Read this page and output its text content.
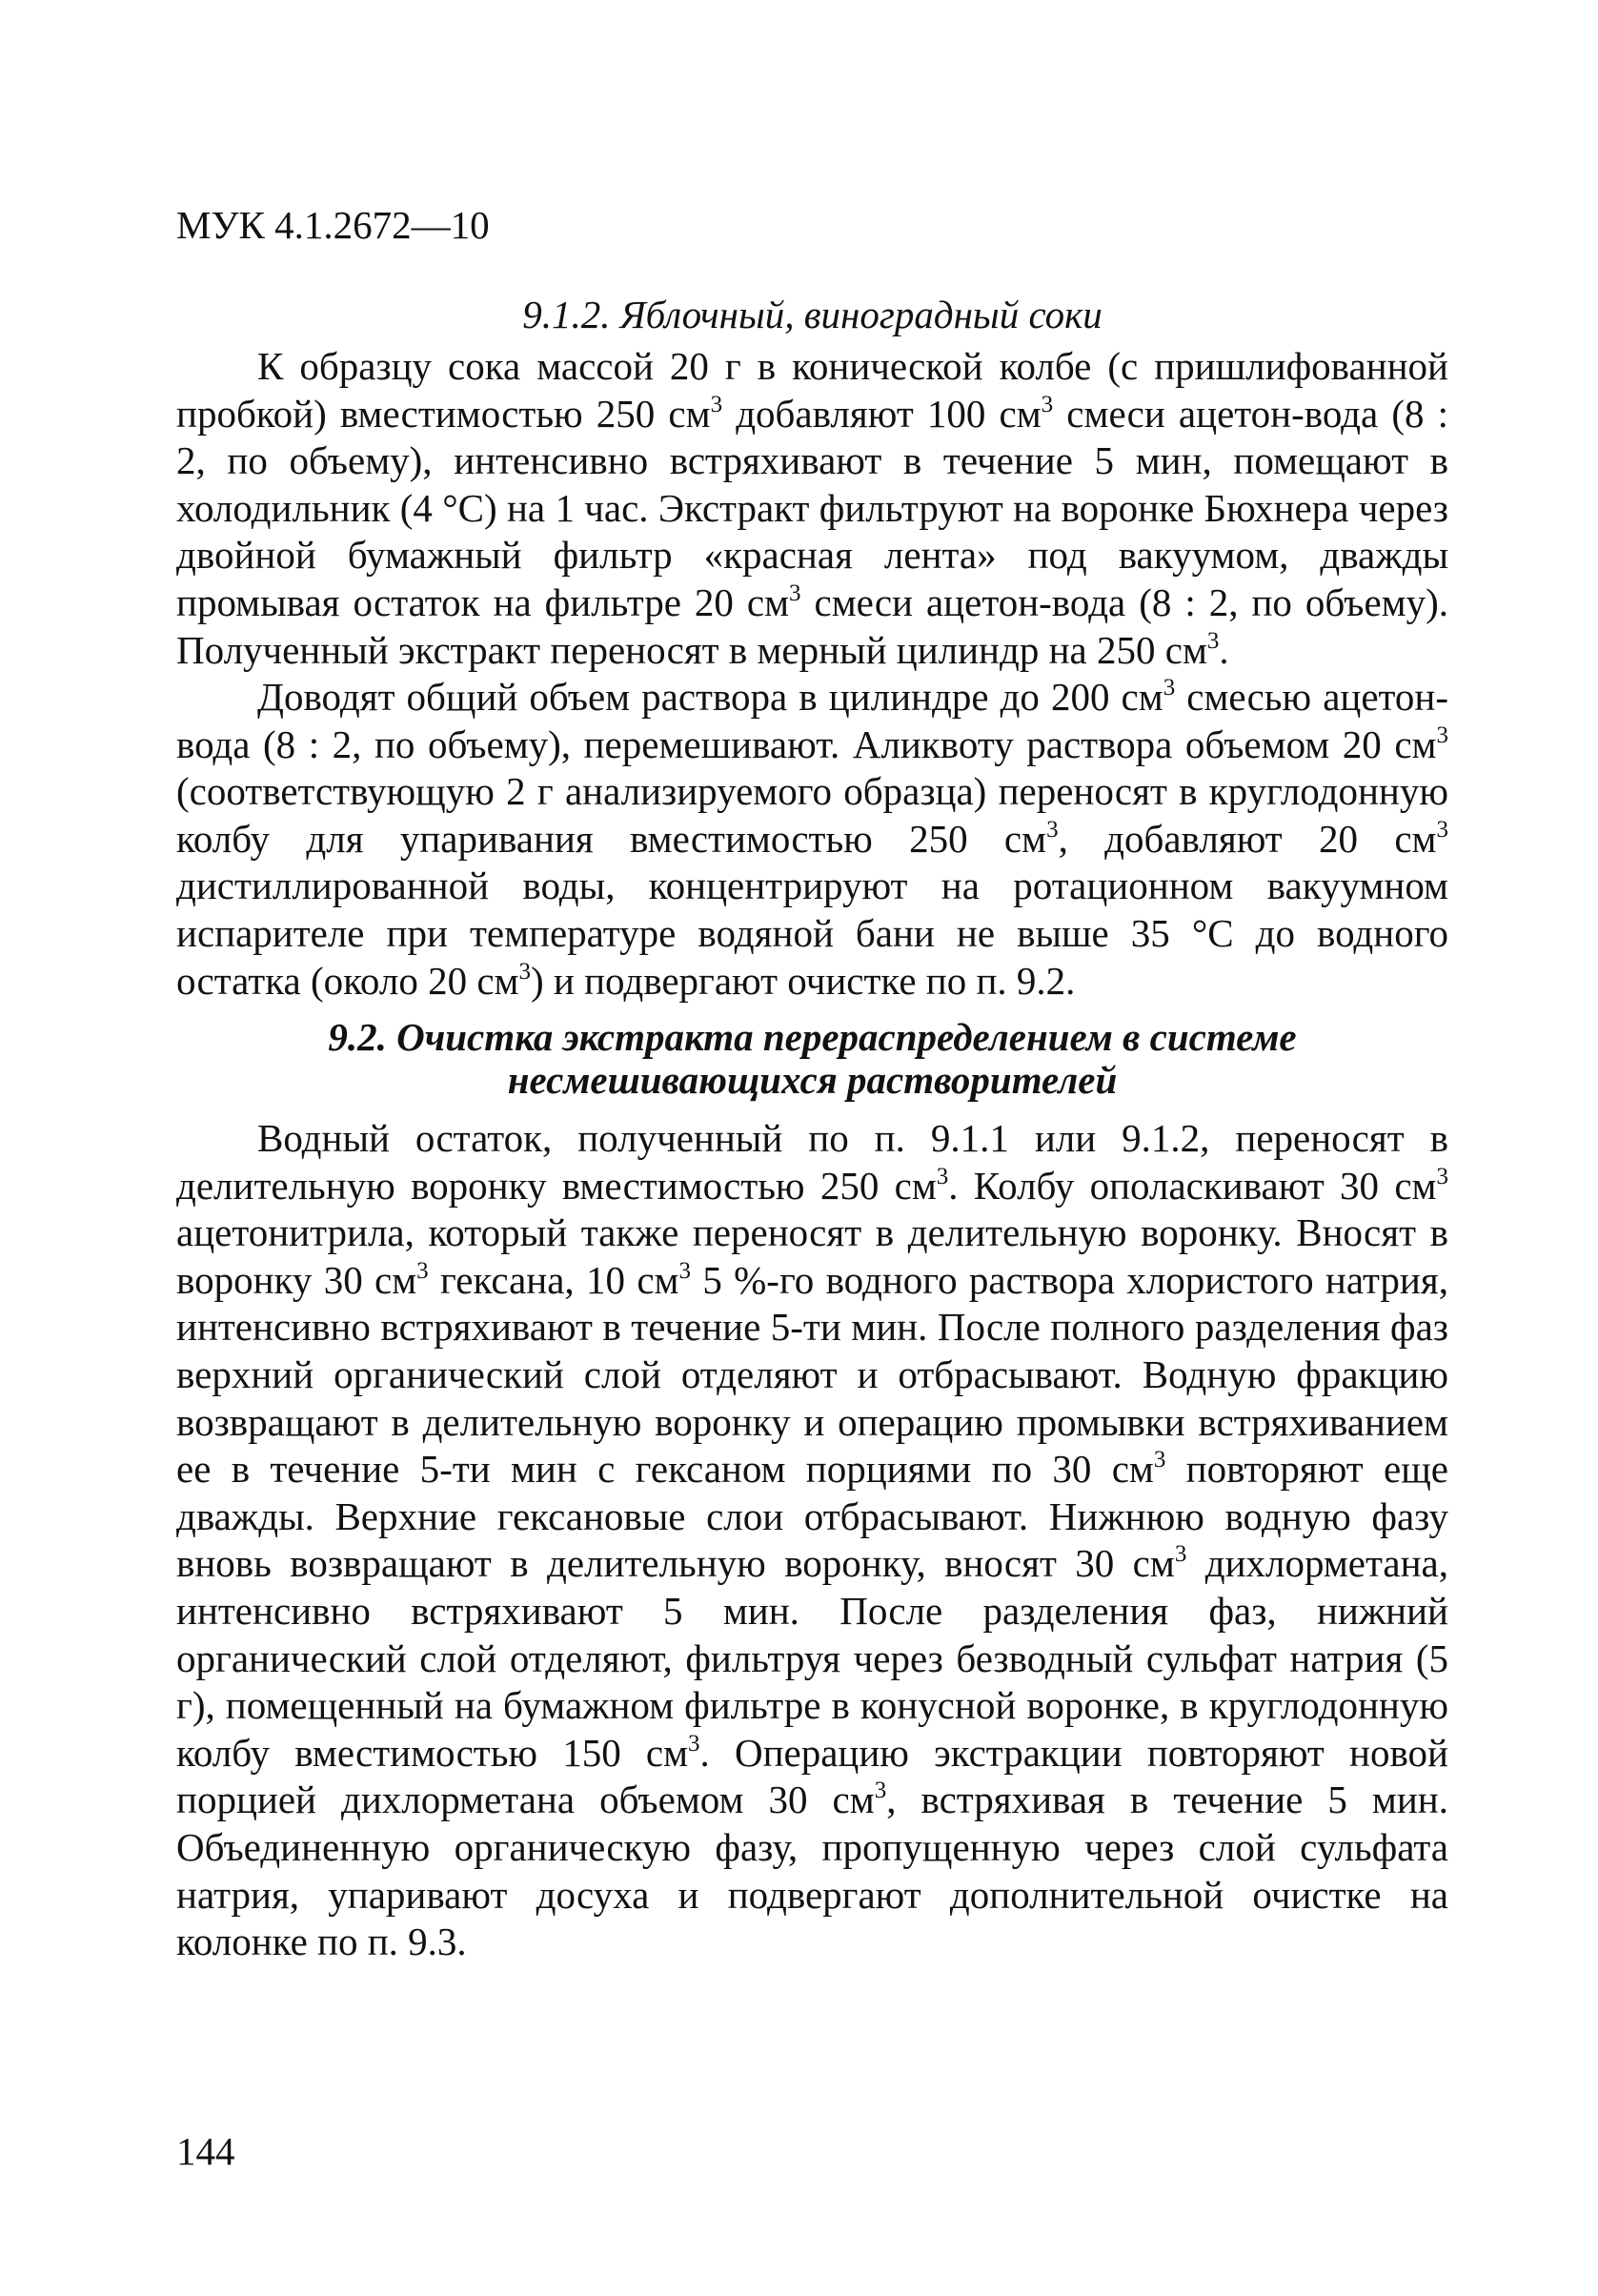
МУК 4.1.2672—10

9.1.2. Яблочный, виноградный соки

К образцу сока массой 20 г в конической колбе (с пришлифованной пробкой) вместимостью 250 $см^3$ добавляют 100 $см^3$ смеси ацетон-вода (8 : 2, по объему), интенсивно встряхивают в течение 5 мин, помещают в холодильник (4 °С) на 1 час. Экстракт фильтруют на воронке Бюхнера через двойной бумажный фильтр «красная лента» под вакуумом, дважды промывая остаток на фильтре 20 $см^3$ смеси ацетон-вода (8 : 2, по объему). Полученный экстракт переносят в мерный цилиндр на 250 $см^3$.

Доводят общий объем раствора в цилиндре до 200 $см^3$ смесью ацетон-вода (8 : 2, по объему), перемешивают. Аликвоту раствора объемом 20 $см^3$ (соответствующую 2 г анализируемого образца) переносят в круглодонную колбу для упаривания вместимостью 250 $см^3$, добавляют 20 $см^3$ дистиллированной воды, концентрируют на ротационном вакуумном испарителе при температуре водяной бани не выше 35 °С до водного остатка (около 20 $см^3$) и подвергают очистке по п. 9.2.

9.2. Очистка экстракта перераспределением в системе
несмешивающихся растворителей

Водный остаток, полученный по п. 9.1.1 или 9.1.2, переносят в делительную воронку вместимостью 250 $см^3$. Колбу ополаскивают 30 $см^3$ ацетонитрила, который также переносят в делительную воронку. Вносят в воронку 30 $см^3$ гексана, 10 $см^3$ 5 %-го водного раствора хлористого натрия, интенсивно встряхивают в течение 5-ти мин. После полного разделения фаз верхний органический слой отделяют и отбрасывают. Водную фракцию возвращают в делительную воронку и операцию промывки встряхиванием ее в течение 5-ти мин с гексаном порциями по 30 $см^3$ повторяют еще дважды. Верхние гексановые слои отбрасывают. Нижнюю водную фазу вновь возвращают в делительную воронку, вносят 30 $см^3$ дихлорметана, интенсивно встряхивают 5 мин. После разделения фаз, нижний органический слой отделяют, фильтруя через безводный сульфат натрия (5 г), помещенный на бумажном фильтре в конусной воронке, в круглодонную колбу вместимостью 150 $см^3$. Операцию экстракции повторяют новой порцией дихлорметана объемом 30 $см^3$, встряхивая в течение 5 мин. Объединенную органическую фазу, пропущенную через слой сульфата натрия, упаривают досуха и подвергают дополнительной очистке на колонке по п. 9.3.

144
